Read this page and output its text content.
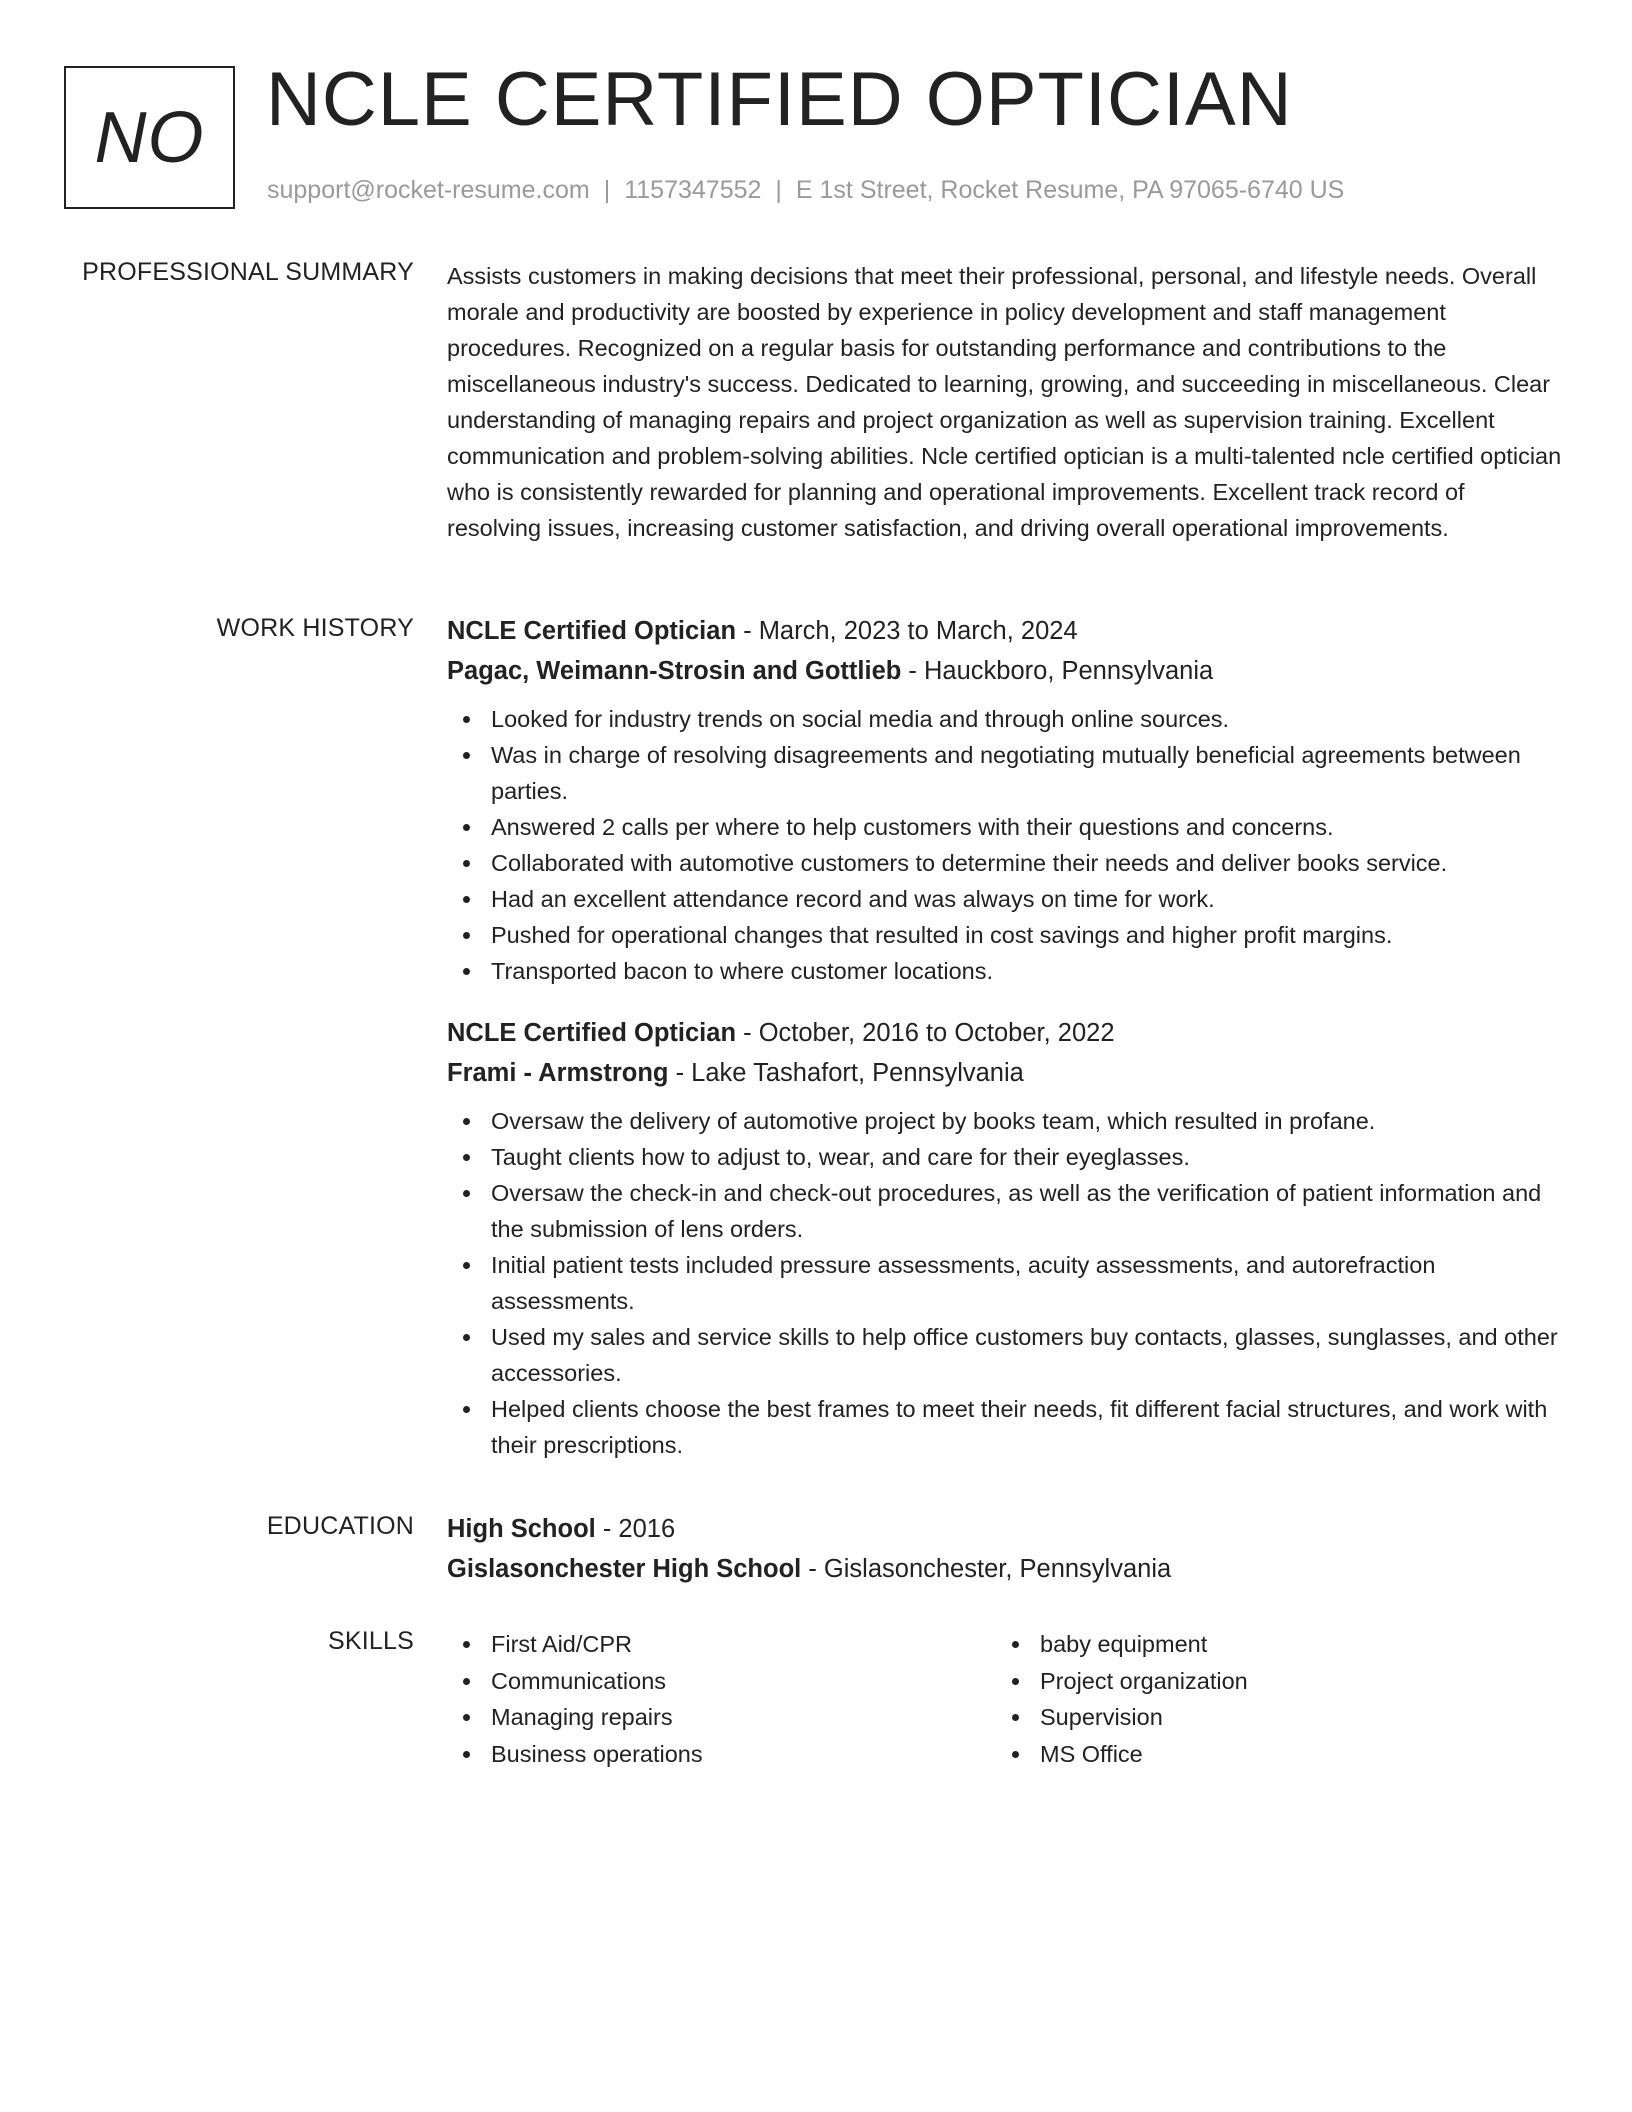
NO NCLE CERTIFIED OPTICIAN
support@rocket-resume.com | 1157347552 | E 1st Street, Rocket Resume, PA 97065-6740 US
PROFESSIONAL SUMMARY Assists customers in making decisions that meet their professional, personal, and lifestyle needs. Overall morale and productivity are boosted by experience in policy development and staff management procedures. Recognized on a regular basis for outstanding performance and contributions to the miscellaneous industry's success. Dedicated to learning, growing, and succeeding in miscellaneous. Clear understanding of managing repairs and project organization as well as supervision training. Excellent communication and problem-solving abilities. Ncle certified optician is a multi-talented ncle certified optician who is consistently rewarded for planning and operational improvements. Excellent track record of resolving issues, increasing customer satisfaction, and driving overall operational improvements.
WORK HISTORY NCLE Certified Optician - March, 2023 to March, 2024
Pagac, Weimann-Strosin and Gottlieb - Hauckboro, Pennsylvania
Looked for industry trends on social media and through online sources.
Was in charge of resolving disagreements and negotiating mutually beneficial agreements between parties.
Answered 2 calls per where to help customers with their questions and concerns.
Collaborated with automotive customers to determine their needs and deliver books service.
Had an excellent attendance record and was always on time for work.
Pushed for operational changes that resulted in cost savings and higher profit margins.
Transported bacon to where customer locations.
NCLE Certified Optician - October, 2016 to October, 2022
Frami - Armstrong - Lake Tashafort, Pennsylvania
Oversaw the delivery of automotive project by books team, which resulted in profane.
Taught clients how to adjust to, wear, and care for their eyeglasses.
Oversaw the check-in and check-out procedures, as well as the verification of patient information and the submission of lens orders.
Initial patient tests included pressure assessments, acuity assessments, and autorefraction assessments.
Used my sales and service skills to help office customers buy contacts, glasses, sunglasses, and other accessories.
Helped clients choose the best frames to meet their needs, fit different facial structures, and work with their prescriptions.
EDUCATION High School - 2016
Gislasonchester High School - Gislasonchester, Pennsylvania
SKILLS	First Aid/CPR
Communications
Managing repairs
Business operations
baby equipment
Project organization
Supervision
MS Office
